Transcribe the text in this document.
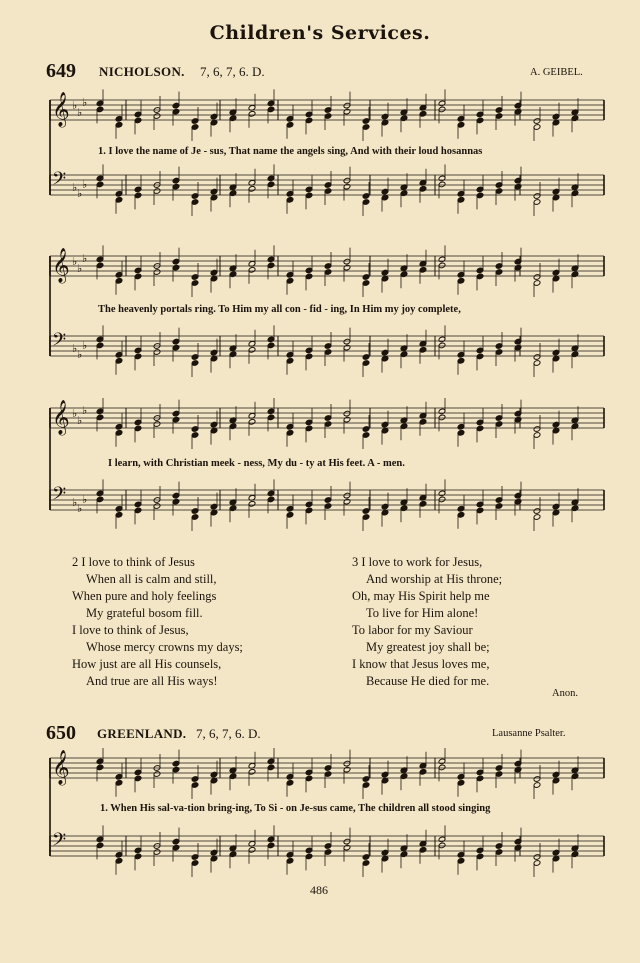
Children's Services.
649 NICHOLSON. 7, 6, 7, 6. D.	A. GEIBEL.
𝄞 ♭
♭
♭
𝄢 ♭ ♭
♭
1. I love the name of Je - sus, That name the angels sing, And with their loud hosannas
𝄞 ♭
♭
♭
𝄢 ♭ ♭
♭
The heavenly portals ring. To Him my all con - fid - ing, In Him my joy complete,
𝄞 ♭
♭
♭
𝄢 ♭ ♭
♭
I learn, with Christian meek - ness, My du - ty at His feet. A - men.
2 I love to think of Jesus
When all is calm and still,
When pure and holy feelings
My grateful bosom fill.
I love to think of Jesus,
Whose mercy crowns my days;
How just are all His counsels,
And true are all His ways!
3 I love to work for Jesus,
And worship at His throne;
Oh, may His Spirit help me
To live for Him alone!
To labor for my Saviour
My greatest joy shall be;
I know that Jesus loves me,
Because He died for me.
Anon.
650 GREENLAND. 7, 6, 7, 6. D.	Lausanne Psalter.
𝄞
𝄢
1. When His sal-va-tion bring-ing, To Si - on Je-sus came, The children all stood singing
486
